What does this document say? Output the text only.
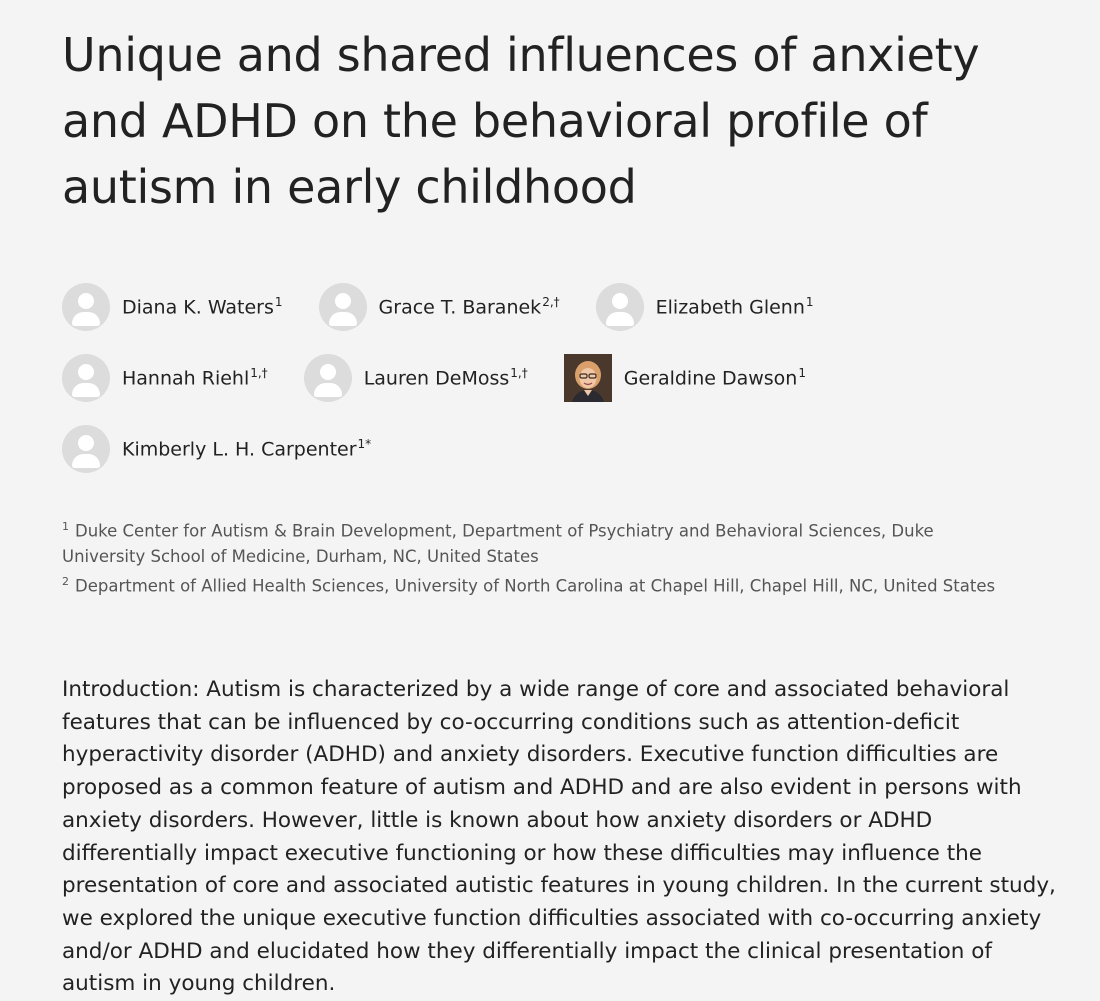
Unique and shared influences of anxiety and ADHD on the behavioral profile of autism in early childhood
Diana K. Waters$^1$	Grace T. Baranek$^{2,\dagger}$	Elizabeth Glenn$^1$
Hannah Riehl$^{1,\dagger}$	Lauren DeMoss$^{1,\dagger}$	Geraldine Dawson$^1$
Kimberly L. H. Carpenter$^{1*}$

$^1$ Duke Center for Autism & Brain Development, Department of Psychiatry and Behavioral Sciences, Duke University School of Medicine, Durham, NC, United States

$^2$ Department of Allied Health Sciences, University of North Carolina at Chapel Hill, Chapel Hill, NC, United States

Introduction: Autism is characterized by a wide range of core and associated behavioral features that can be influenced by co-occurring conditions such as attention-deficit hyperactivity disorder (ADHD) and anxiety disorders. Executive function difficulties are proposed as a common feature of autism and ADHD and are also evident in persons with anxiety disorders. However, little is known about how anxiety disorders or ADHD differentially impact executive functioning or how these difficulties may influence the presentation of core and associated autistic features in young children. In the current study, we explored the unique executive function difficulties associated with co-occurring anxiety and/or ADHD and elucidated how they differentially impact the clinical presentation of autism in young children.
